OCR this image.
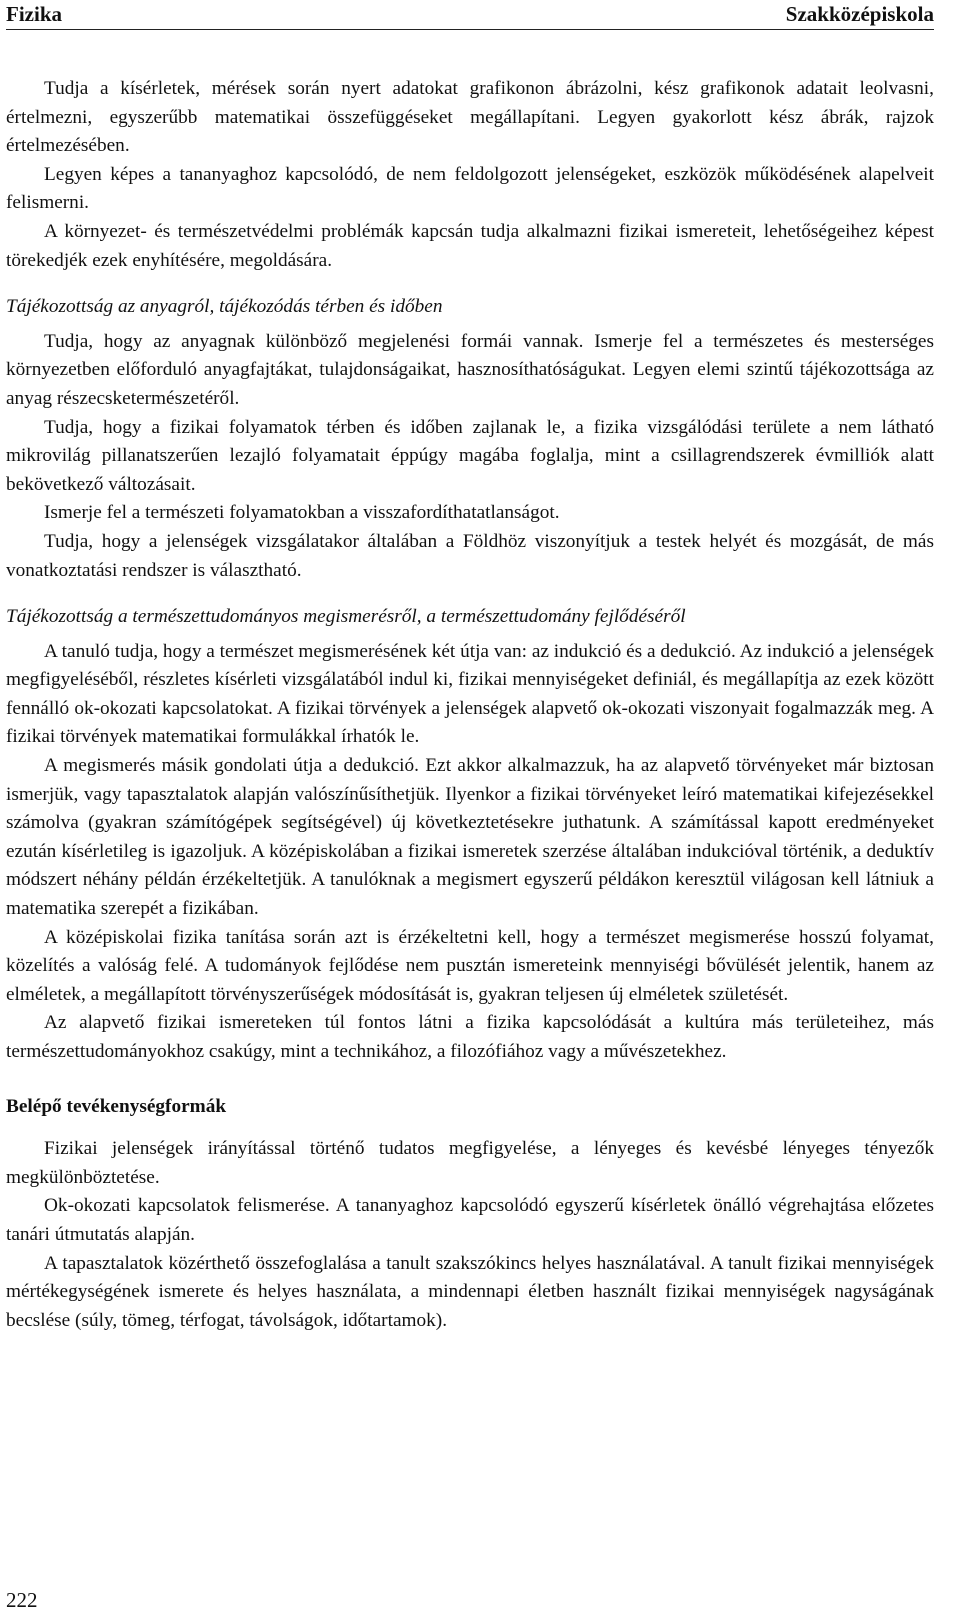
Fizika	Szakközépiskola

Tudja a kísérletek, mérések során nyert adatokat grafikonon ábrázolni, kész grafikonok adatait leolvasni, értelmezni, egyszerűbb matematikai összefüggéseket megállapítani. Legyen gyakorlott kész ábrák, rajzok értelmezésében.

Legyen képes a tananyaghoz kapcsolódó, de nem feldolgozott jelenségeket, eszközök működésének alapelveit felismerni.

A környezet- és természetvédelmi problémák kapcsán tudja alkalmazni fizikai ismereteit, lehetőségeihez képest törekedjék ezek enyhítésére, megoldására.

Tájékozottság az anyagról, tájékozódás térben és időben

Tudja, hogy az anyagnak különböző megjelenési formái vannak. Ismerje fel a természetes és mesterséges környezetben előforduló anyagfajtákat, tulajdonságaikat, hasznosíthatóságukat. Legyen elemi szintű tájékozottsága az anyag részecsketermészetéről.

Tudja, hogy a fizikai folyamatok térben és időben zajlanak le, a fizika vizsgálódási területe a nem látható mikrovilág pillanatszerűen lezajló folyamatait éppúgy magába foglalja, mint a csillagrendszerek évmilliók alatt bekövetkező változásait.

Ismerje fel a természeti folyamatokban a visszafordíthatatlanságot.

Tudja, hogy a jelenségek vizsgálatakor általában a Földhöz viszonyítjuk a testek helyét és mozgását, de más vonatkoztatási rendszer is választható.

Tájékozottság a természettudományos megismerésről, a természettudomány fejlődéséről

A tanuló tudja, hogy a természet megismerésének két útja van: az indukció és a dedukció. Az indukció a jelenségek megfigyeléséből, részletes kísérleti vizsgálatából indul ki, fizikai mennyiségeket definiál, és megállapítja az ezek között fennálló ok-okozati kapcsolatokat. A fizikai törvények a jelenségek alapvető ok-okozati viszonyait fogalmazzák meg. A fizikai törvények matematikai formulákkal írhatók le.

A megismerés másik gondolati útja a dedukció. Ezt akkor alkalmazzuk, ha az alapvető törvényeket már biztosan ismerjük, vagy tapasztalatok alapján valószínűsíthetjük. Ilyenkor a fizikai törvényeket leíró matematikai kifejezésekkel számolva (gyakran számítógépek segítségével) új következtetésekre juthatunk. A számítással kapott eredményeket ezután kísérletileg is igazoljuk. A középiskolában a fizikai ismeretek szerzése általában indukcióval történik, a deduktív módszert néhány példán érzékeltetjük. A tanulóknak a megismert egyszerű példákon keresztül világosan kell látniuk a matematika szerepét a fizikában.

A középiskolai fizika tanítása során azt is érzékeltetni kell, hogy a természet megismerése hosszú folyamat, közelítés a valóság felé. A tudományok fejlődése nem pusztán ismereteink mennyiségi bővülését jelentik, hanem az elméletek, a megállapított törvényszerűségek módosítását is, gyakran teljesen új elméletek születését.

Az alapvető fizikai ismereteken túl fontos látni a fizika kapcsolódását a kultúra más területeihez, más természettudományokhoz csakúgy, mint a technikához, a filozófiához vagy a művészetekhez.

Belépő tevékenységformák

Fizikai jelenségek irányítással történő tudatos megfigyelése, a lényeges és kevésbé lényeges tényezők megkülönböztetése.

Ok-okozati kapcsolatok felismerése. A tananyaghoz kapcsolódó egyszerű kísérletek önálló végrehajtása előzetes tanári útmutatás alapján.

A tapasztalatok közérthető összefoglalása a tanult szakszókincs helyes használatával. A tanult fizikai mennyiségek mértékegységének ismerete és helyes használata, a mindennapi életben használt fizikai mennyiségek nagyságának becslése (súly, tömeg, térfogat, távolságok, időtartamok).

222
